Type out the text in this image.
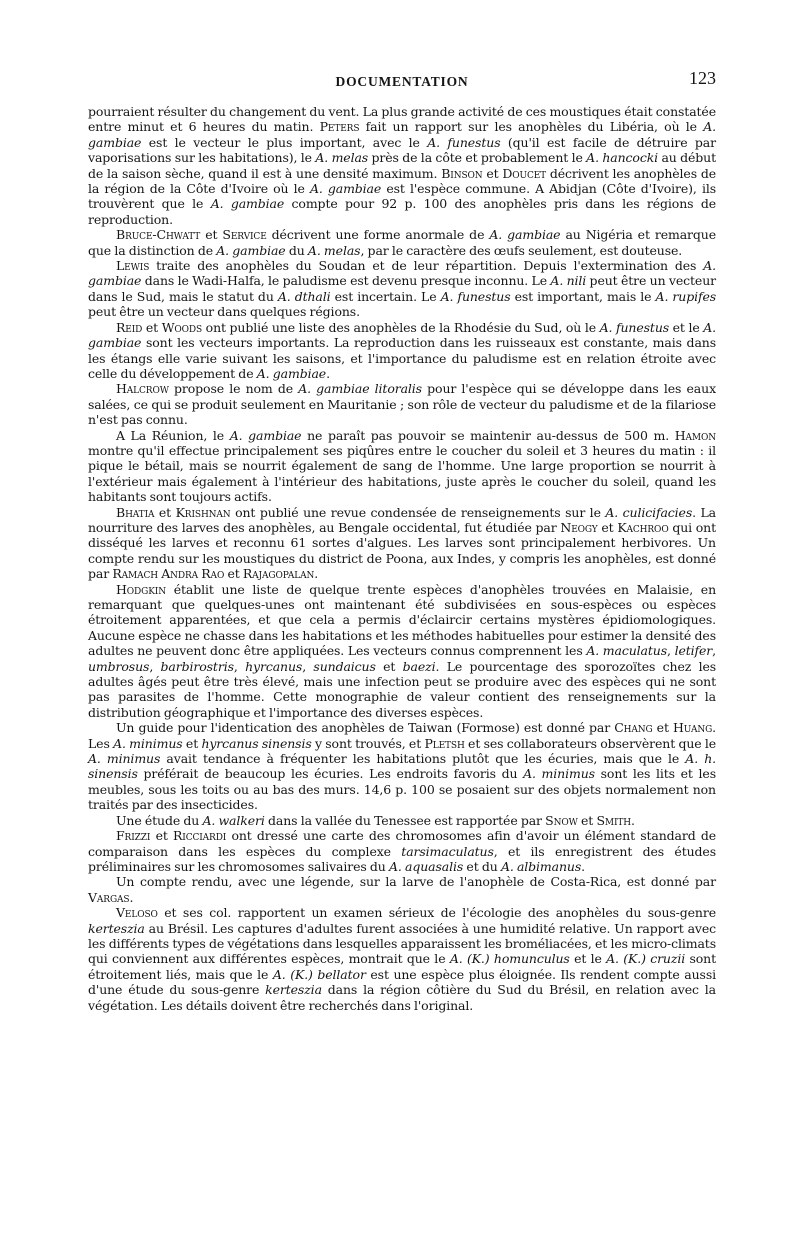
DOCUMENTATION	123

pourraient résulter du changement du vent. La plus grande activité de ces moustiques était constatée entre minut et 6 heures du matin. Peters fait un rapport sur les anophèles du Libéria, où le A. gambiae est le vecteur le plus important, avec le A. funestus (qu'il est facile de détruire par vaporisations sur les habitations), le A. melas près de la côte et probablement le A. hancocki au début de la saison sèche, quand il est à une densité maximum. Binson et Doucet décrivent les anophèles de la région de la Côte d'Ivoire où le A. gambiae est l'espèce commune. A Abidjan (Côte d'Ivoire), ils trouvèrent que le A. gambiae compte pour 92 p. 100 des anophèles pris dans les régions de reproduction.

Bruce-Chwatt et Service décrivent une forme anormale de A. gambiae au Nigéria et remarque que la distinction de A. gambiae du A. melas, par le caractère des œufs seulement, est douteuse.

Lewis traite des anophèles du Soudan et de leur répartition. Depuis l'extermination des A. gambiae dans le Wadi-Halfa, le paludisme est devenu presque inconnu. Le A. nili peut être un vecteur dans le Sud, mais le statut du A. dthali est incertain. Le A. funestus est important, mais le A. rupifes peut être un vecteur dans quelques régions.

Reid et Woods ont publié une liste des anophèles de la Rhodésie du Sud, où le A. funestus et le A. gambiae sont les vecteurs importants. La reproduction dans les ruisseaux est constante, mais dans les étangs elle varie suivant les saisons, et l'importance du paludisme est en relation étroite avec celle du développement de A. gambiae.

Halcrow propose le nom de A. gambiae litoralis pour l'espèce qui se développe dans les eaux salées, ce qui se produit seulement en Mauritanie ; son rôle de vecteur du paludisme et de la filariose n'est pas connu.

A La Réunion, le A. gambiae ne paraît pas pouvoir se maintenir au-dessus de 500 m. Hamon montre qu'il effectue principalement ses piqûres entre le coucher du soleil et 3 heures du matin : il pique le bétail, mais se nourrit également de sang de l'homme. Une large proportion se nourrit à l'extérieur mais également à l'intérieur des habitations, juste après le coucher du soleil, quand les habitants sont toujours actifs.

Bhatia et Krishnan ont publié une revue condensée de renseignements sur le A. culicifacies. La nourriture des larves des anophèles, au Bengale occidental, fut étudiée par Neogy et Kachroo qui ont disséqué les larves et reconnu 61 sortes d'algues. Les larves sont principalement herbivores. Un compte rendu sur les moustiques du district de Poona, aux Indes, y compris les anophèles, est donné par Ramach Andra Rao et Rajagopalan.

Hodgkin établit une liste de quelque trente espèces d'anophèles trouvées en Malaisie, en remarquant que quelques-unes ont maintenant été subdivisées en sous-espèces ou espèces étroitement apparentées, et que cela a permis d'éclaircir certains mystères épidiomologiques. Aucune espèce ne chasse dans les habitations et les méthodes habituelles pour estimer la densité des adultes ne peuvent donc être appliquées. Les vecteurs connus comprennent les A. maculatus, letifer, umbrosus, barbirostris, hyrcanus, sundaicus et baezi. Le pourcentage des sporozoïtes chez les adultes âgés peut être très élevé, mais une infection peut se produire avec des espèces qui ne sont pas parasites de l'homme. Cette monographie de valeur contient des renseignements sur la distribution géographique et l'importance des diverses espèces.

Un guide pour l'identication des anophèles de Taiwan (Formose) est donné par Chang et Huang. Les A. minimus et hyrcanus sinensis y sont trouvés, et Pletsh et ses collaborateurs observèrent que le A. minimus avait tendance à fréquenter les habitations plutôt que les écuries, mais que le A. h. sinensis préférait de beaucoup les écuries. Les endroits favoris du A. minimus sont les lits et les meubles, sous les toits ou au bas des murs. 14,6 p. 100 se posaient sur des objets normalement non traités par des insecticides.

Une étude du A. walkeri dans la vallée du Tenessee est rapportée par Snow et Smith.

Frizzi et Ricciardi ont dressé une carte des chromosomes afin d'avoir un élément standard de comparaison dans les espèces du complexe tarsimaculatus, et ils enregistrent des études préliminaires sur les chromosomes salivaires du A. aquasalis et du A. albimanus.

Un compte rendu, avec une légende, sur la larve de l'anophèle de Costa-Rica, est donné par Vargas.

Veloso et ses col. rapportent un examen sérieux de l'écologie des anophèles du sous-genre kerteszia au Brésil. Les captures d'adultes furent associées à une humidité relative. Un rapport avec les différents types de végétations dans lesquelles apparaissent les broméliacées, et les micro-climats qui conviennent aux différentes espèces, montrait que le A. (K.) homunculus et le A. (K.) cruzii sont étroitement liés, mais que le A. (K.) bellator est une espèce plus éloignée. Ils rendent compte aussi d'une étude du sous-genre kerteszia dans la région côtière du Sud du Brésil, en relation avec la végétation. Les détails doivent être recherchés dans l'original.
